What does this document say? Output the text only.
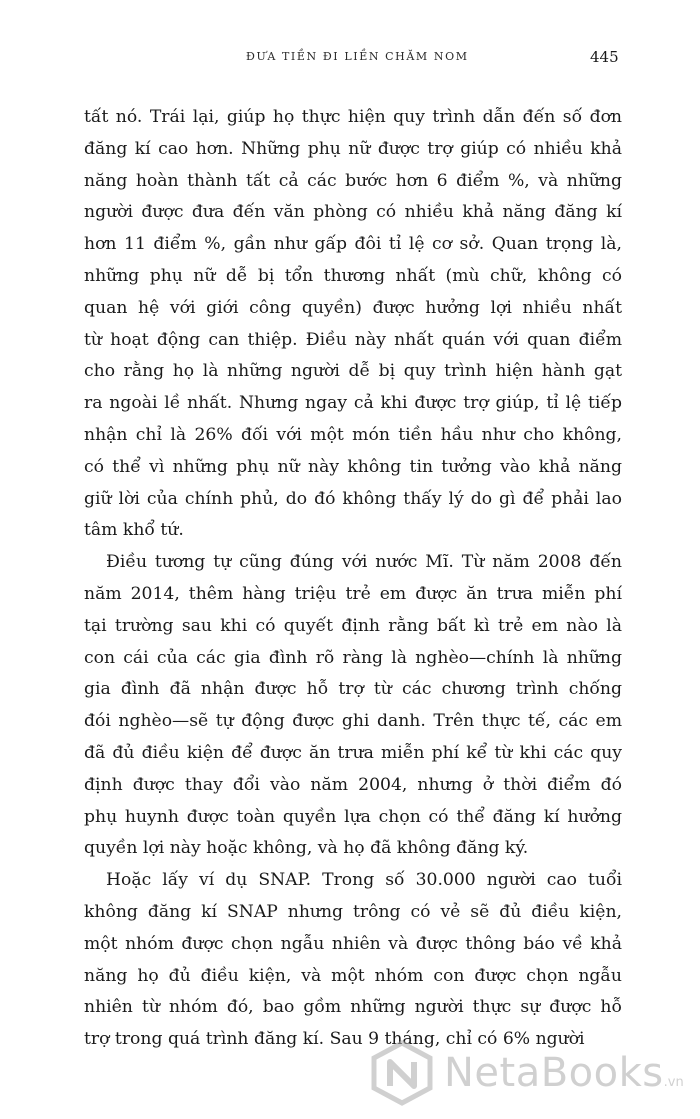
ĐƯA TIỀN ĐI LIỀN CHĂM NOM	445

tất nó. Trái lại, giúp họ thực hiện quy trình dẫn đến số đơn
đăng kí cao hơn. Những phụ nữ được trợ giúp có nhiều khả
năng hoàn thành tất cả các bước hơn 6 điểm %, và những
người được đưa đến văn phòng có nhiều khả năng đăng kí
hơn 11 điểm %, gần như gấp đôi tỉ lệ cơ sở. Quan trọng là,
những phụ nữ dễ bị tổn thương nhất (mù chữ, không có
quan hệ với giới công quyền) được hưởng lợi nhiều nhất
từ hoạt động can thiệp. Điều này nhất quán với quan điểm
cho rằng họ là những người dễ bị quy trình hiện hành gạt
ra ngoài lề nhất. Nhưng ngay cả khi được trợ giúp, tỉ lệ tiếp
nhận chỉ là 26% đối với một món tiền hầu như cho không,
có thể vì những phụ nữ này không tin tưởng vào khả năng
giữ lời của chính phủ, do đó không thấy lý do gì để phải lao
tâm khổ tứ.

Điều tương tự cũng đúng với nước Mĩ. Từ năm 2008 đến
năm 2014, thêm hàng triệu trẻ em được ăn trưa miễn phí
tại trường sau khi có quyết định rằng bất kì trẻ em nào là
con cái của các gia đình rõ ràng là nghèo—chính là những
gia đình đã nhận được hỗ trợ từ các chương trình chống
đói nghèo—sẽ tự động được ghi danh. Trên thực tế, các em
đã đủ điều kiện để được ăn trưa miễn phí kể từ khi các quy
định được thay đổi vào năm 2004, nhưng ở thời điểm đó
phụ huynh được toàn quyền lựa chọn có thể đăng kí hưởng
quyền lợi này hoặc không, và họ đã không đăng ký.

Hoặc lấy ví dụ SNAP. Trong số 30.000 người cao tuổi
không đăng kí SNAP nhưng trông có vẻ sẽ đủ điều kiện,
một nhóm được chọn ngẫu nhiên và được thông báo về khả
năng họ đủ điều kiện, và một nhóm con được chọn ngẫu
nhiên từ nhóm đó, bao gồm những người thực sự được hỗ
trợ trong quá trình đăng kí. Sau 9 tháng, chỉ có 6% người

NetaBooks.vn
